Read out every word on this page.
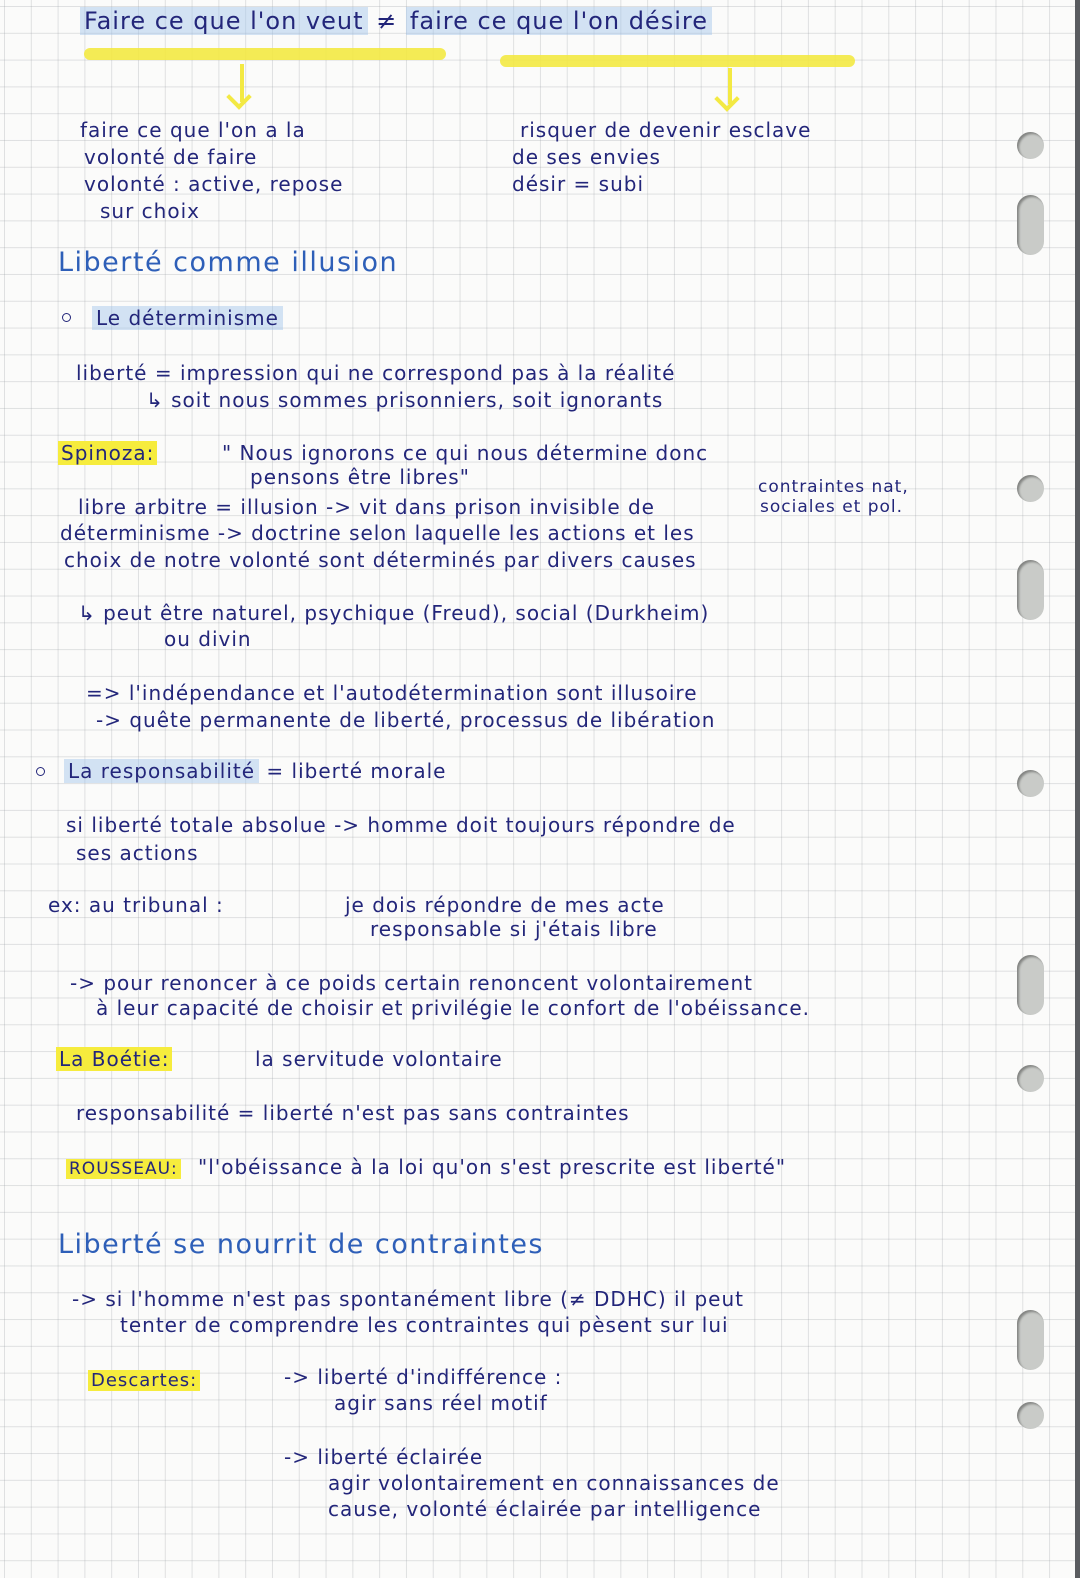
Faire ce que l'on veut ≠ faire ce que l'on désire
faire ce que l'on a la
volonté de faire
volonté : active, repose
sur choix
risquer de devenir esclave
de ses envies
désir = subi
Liberté comme illusion
Le déterminisme
liberté = impression qui ne correspond pas à la réalité
↳ soit nous sommes prisonniers, soit ignorants
Spinoza:	" Nous ignorons ce qui nous détermine donc
pensons être libres"	contraintes nat,
libre arbitre = illusion -> vit dans prison invisible de	sociales et pol.
déterminisme -> doctrine selon laquelle les actions et les
choix de notre volonté sont déterminés par divers causes
↳ peut être naturel, psychique (Freud), social (Durkheim)
ou divin
=> l'indépendance et l'autodétermination sont illusoire
-> quête permanente de liberté, processus de libération
La responsabilité = liberté morale
si liberté totale absolue -> homme doit toujours répondre de
ses actions
ex: au tribunal :	je dois répondre de mes acte
responsable si j'étais libre
-> pour renoncer à ce poids certain renoncent volontairement
à leur capacité de choisir et privilégie le confort de l'obéissance.
La Boétie:	la servitude volontaire
responsabilité = liberté n'est pas sans contraintes
ROUSSEAU: "l'obéissance à la loi qu'on s'est prescrite est liberté"
Liberté se nourrit de contraintes
-> si l'homme n'est pas spontanément libre (≠ DDHC) il peut
tenter de comprendre les contraintes qui pèsent sur lui
Descartes:	-> liberté d'indifférence :
agir sans réel motif
-> liberté éclairée
agir volontairement en connaissances de
cause, volonté éclairée par intelligence
